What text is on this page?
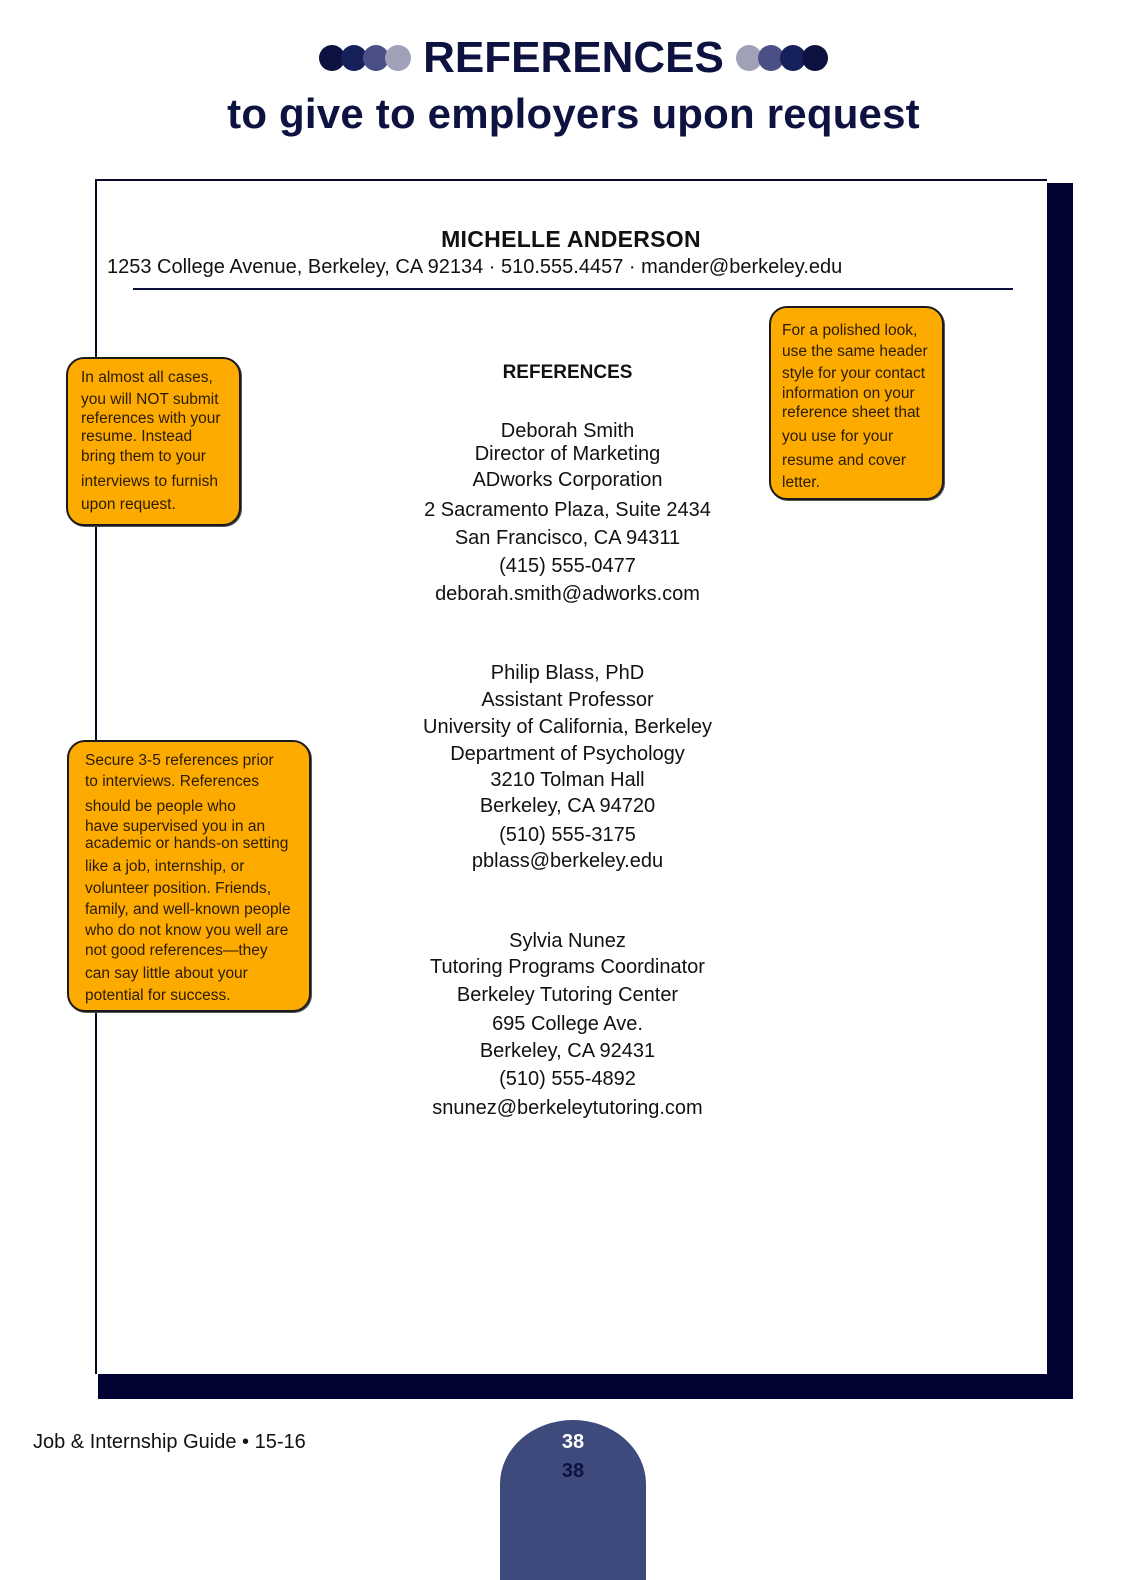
REFERENCES
to give to employers upon request
MICHELLE ANDERSON
1253 College Avenue, Berkeley, CA 92134 · 510.555.4457 · mander@berkeley.edu
REFERENCES
Deborah Smith
Director of Marketing
ADworks Corporation
2 Sacramento Plaza, Suite 2434
San Francisco, CA 94311
(415) 555-0477
deborah.smith@adworks.com
Philip Blass, PhD
Assistant Professor
University of California, Berkeley
Department of Psychology
3210 Tolman Hall
Berkeley, CA 94720
(510) 555-3175
pblass@berkeley.edu
Sylvia Nunez
Tutoring Programs Coordinator
Berkeley Tutoring Center
695 College Ave.
Berkeley, CA 92431
(510) 555-4892
snunez@berkeleytutoring.com
In almost all cases,
you will NOT submit
references with your
resume. Instead
bring them to your
interviews to furnish
upon request.
For a polished look,
use the same header
style for your contact
information on your
reference sheet that
you use for your
resume and cover
letter.
Secure 3-5 references prior
to interviews. References
should be people who
have supervised you in an
academic or hands-on setting
like a job, internship, or
volunteer position. Friends,
family, and well-known people
who do not know you well are
not good references—they
can say little about your
potential for success.
Job & Internship Guide • 15-16	38
38
